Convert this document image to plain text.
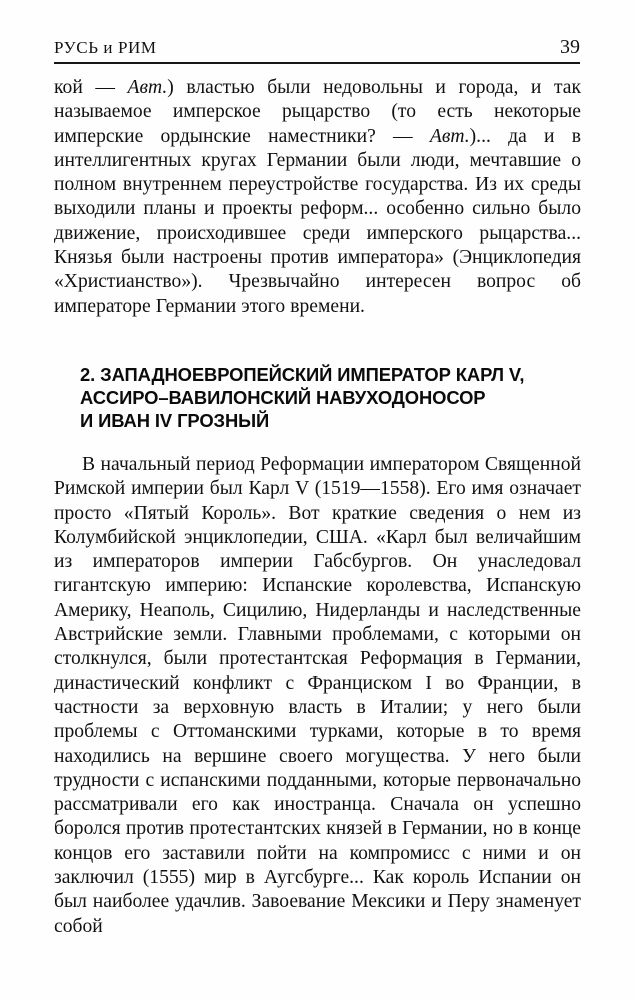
РУСЬ и РИМ	39

кой — Авт.) властью были недовольны и города, и так называемое имперское рыцарство (то есть некоторые имперские ордынские наместники? — Авт.)... да и в интеллигентных кругах Германии были люди, мечтавшие о полном внутреннем переустройстве государства. Из их среды выходили планы и проекты реформ... особенно сильно было движение, происходившее среди имперского рыцарства... Князья были настроены против императора» (Энциклопедия «Христианство»). Чрезвычайно интересен вопрос об императоре Германии этого времени.

2. ЗАПАДНОЕВРОПЕЙСКИЙ ИМПЕРАТОР КАРЛ V,
АССИРО–ВАВИЛОНСКИЙ НАВУХОДОНОСОР
И ИВАН IV ГРОЗНЫЙ

В начальный период Реформации императором Священной Римской империи был Карл V (1519—1558). Его имя означает просто «Пятый Король». Вот краткие сведения о нем из Колумбийской энциклопедии, США. «Карл был величайшим из императоров империи Габсбургов. Он унаследовал гигантскую империю: Испанские королевства, Испанскую Америку, Неаполь, Сицилию, Нидерланды и наследственные Австрийские земли. Главными проблемами, с которыми он столкнулся, были протестантская Реформация в Германии, династический конфликт с Франциском I во Франции, в частности за верховную власть в Италии; у него были проблемы с Оттоманскими турками, которые в то время находились на вершине своего могущества. У него были трудности с испанскими подданными, которые первоначально рассматривали его как иностранца. Сначала он успешно боролся против протестантских князей в Германии, но в конце концов его заставили пойти на компромисс с ними и он заключил (1555) мир в Аугсбурге... Как король Испании он был наиболее удачлив. Завоевание Мексики и Перу знаменует собой
